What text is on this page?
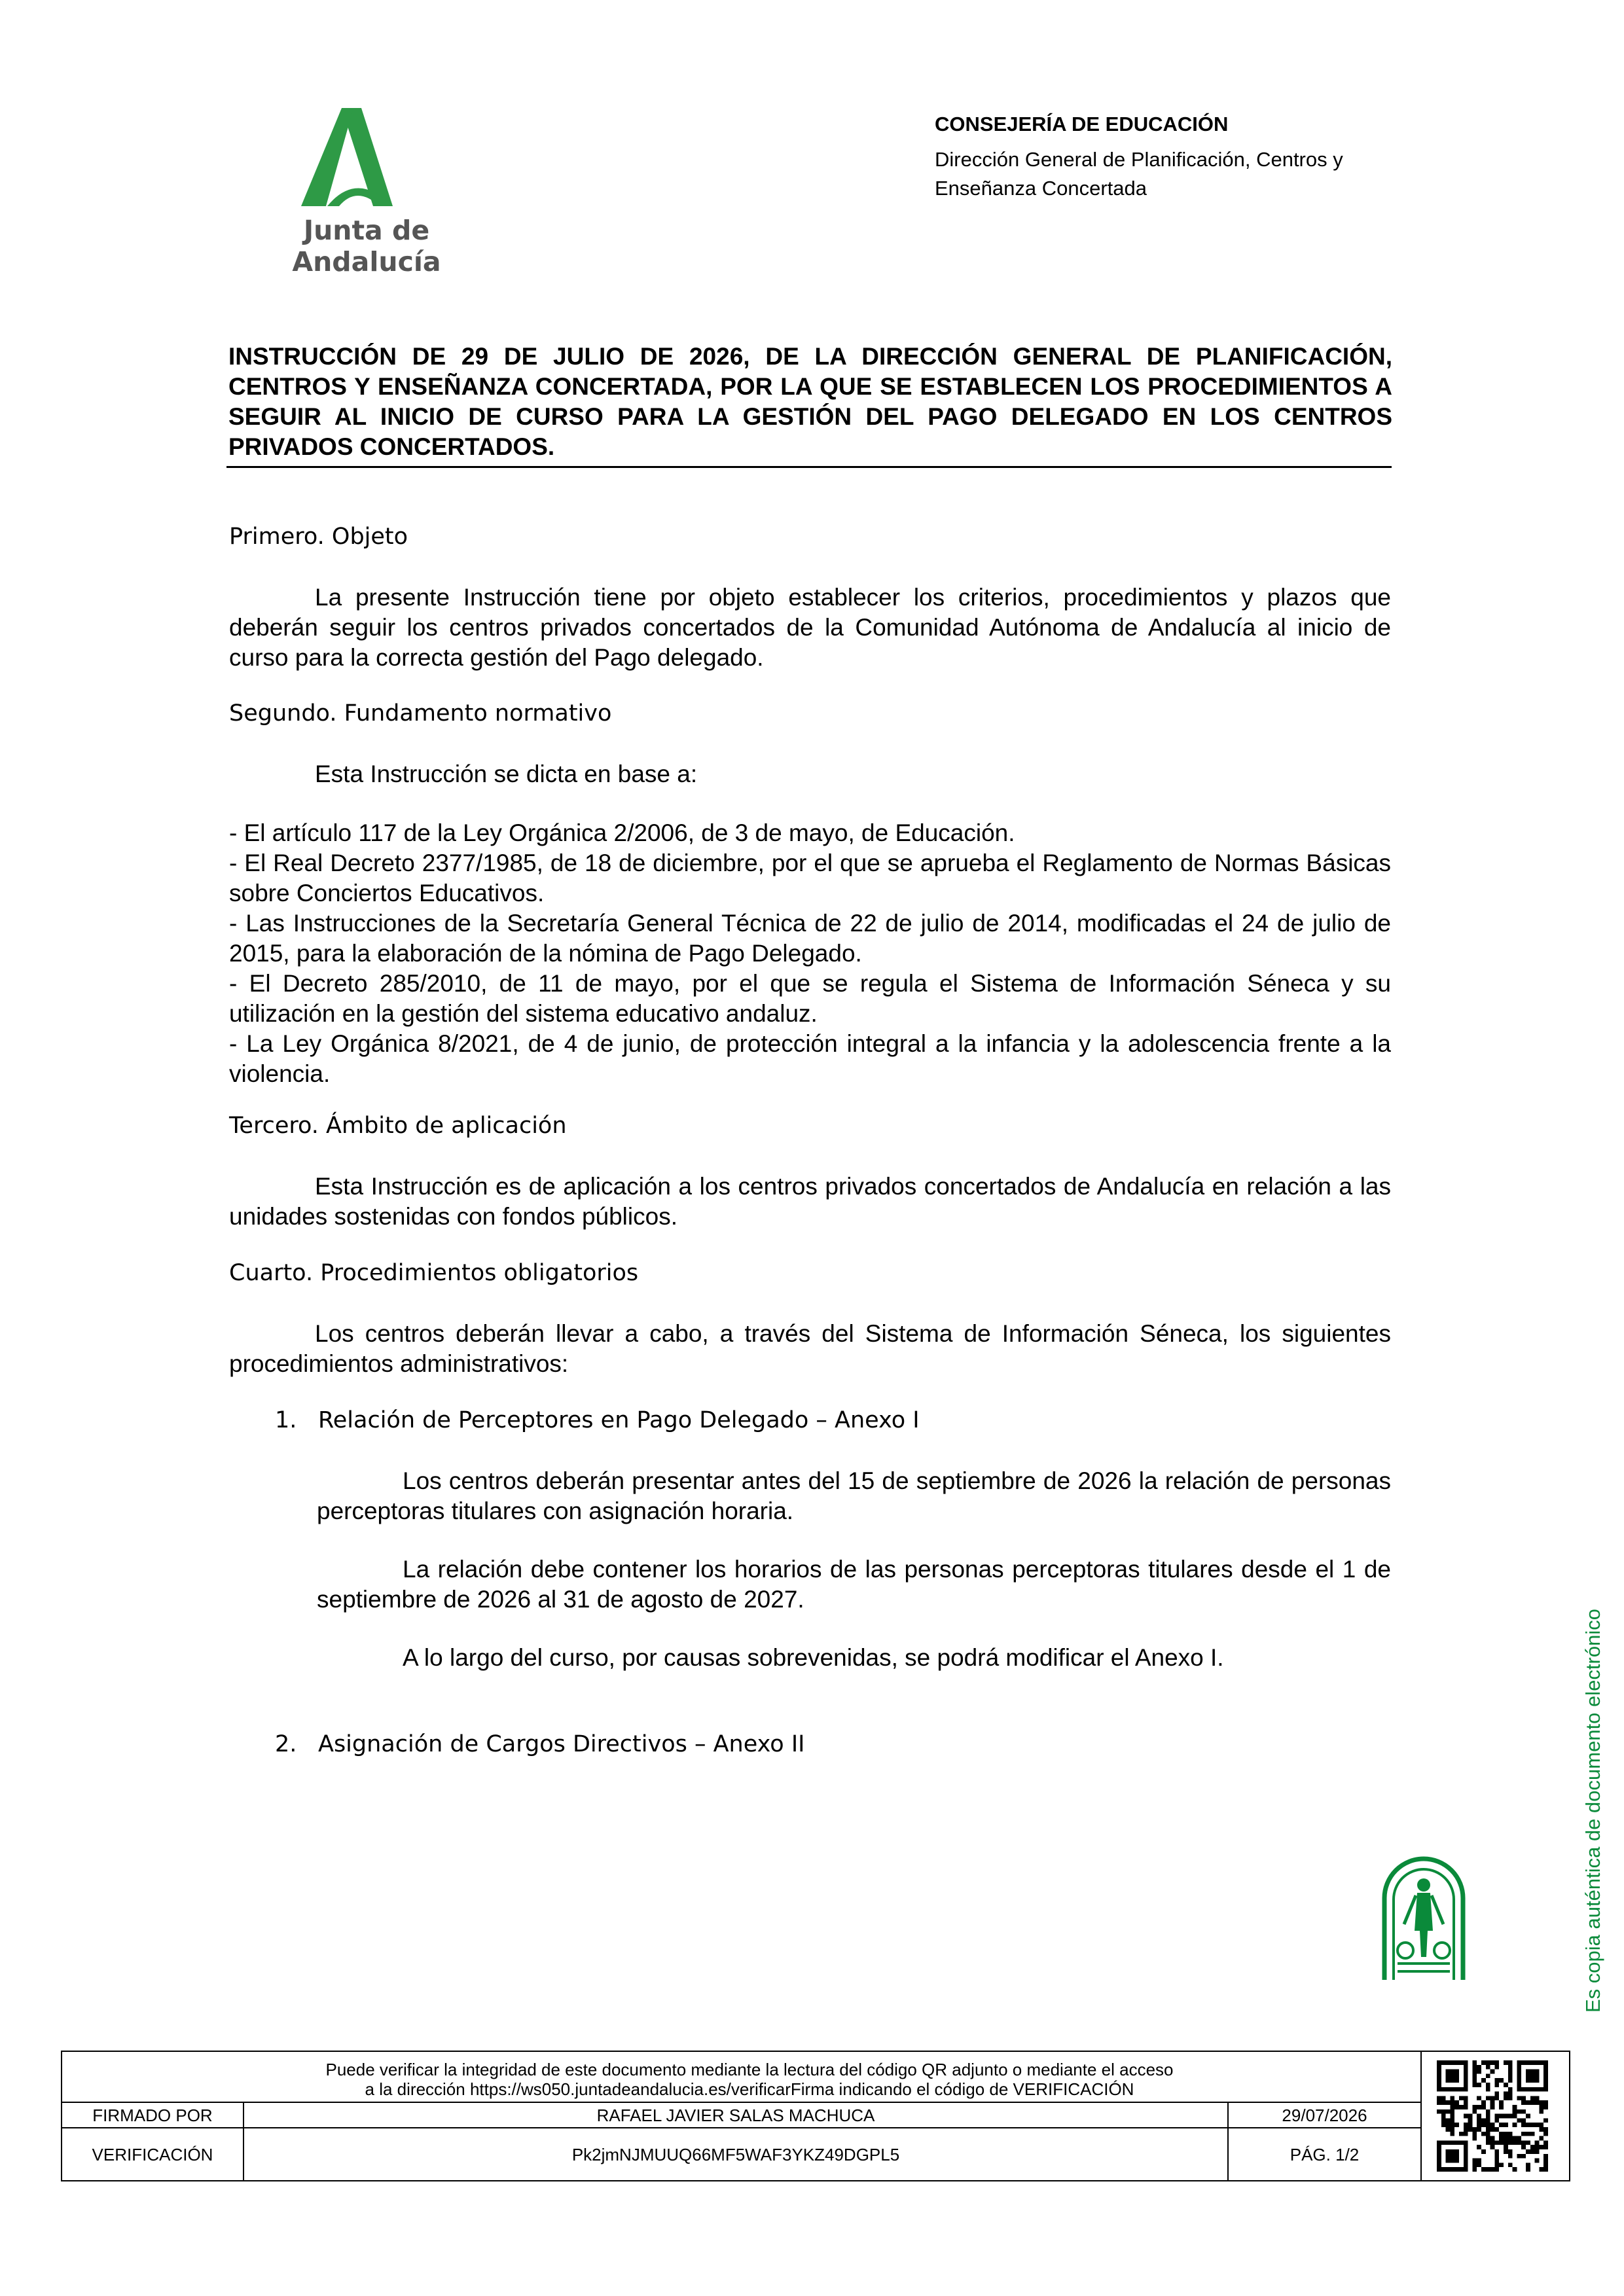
Junta de Andalucía
CONSEJERÍA DE EDUCACIÓN
Dirección General de Planificación, Centros y
Enseñanza Concertada
INSTRUCCIÓN DE 29 DE JULIO DE 2026, DE LA DIRECCIÓN GENERAL DE PLANIFICACIÓN, CENTROS Y ENSEÑANZA CONCERTADA, POR LA QUE SE ESTABLECEN LOS PROCEDIMIENTOS A SEGUIR AL INICIO DE CURSO PARA LA GESTIÓN DEL PAGO DELEGADO EN LOS CENTROS PRIVADOS CONCERTADOS.
Primero. Objeto
La presente Instrucción tiene por objeto establecer los criterios, procedimientos y plazos que deberán seguir los centros privados concertados de la Comunidad Autónoma de Andalucía al inicio de curso para la correcta gestión del Pago delegado.
Segundo. Fundamento normativo
Esta Instrucción se dicta en base a:
- El artículo 117 de la Ley Orgánica 2/2006, de 3 de mayo, de Educación.
- El Real Decreto 2377/1985, de 18 de diciembre, por el que se aprueba el Reglamento de Normas Básicas sobre Conciertos Educativos.
- Las Instrucciones de la Secretaría General Técnica de 22 de julio de 2014, modificadas el 24 de julio de 2015, para la elaboración de la nómina de Pago Delegado.
- El Decreto 285/2010, de 11 de mayo, por el que se regula el Sistema de Información Séneca y su utilización en la gestión del sistema educativo andaluz.
- La Ley Orgánica 8/2021, de 4 de junio, de protección integral a la infancia y la adolescencia frente a la violencia.
Tercero. Ámbito de aplicación
Esta Instrucción es de aplicación a los centros privados concertados de Andalucía en relación a las unidades sostenidas con fondos públicos.
Cuarto. Procedimientos obligatorios
Los centros deberán llevar a cabo, a través del Sistema de Información Séneca, los siguientes procedimientos administrativos:
1. Relación de Perceptores en Pago Delegado – Anexo I
Los centros deberán presentar antes del 15 de septiembre de 2026 la relación de personas perceptoras titulares con asignación horaria.
La relación debe contener los horarios de las personas perceptoras titulares desde el 1 de septiembre de 2026 al 31 de agosto de 2027.
A lo largo del curso, por causas sobrevenidas, se podrá modificar el Anexo I.
2. Asignación de Cargos Directivos – Anexo II	Es copia auténtica de documento electrónico
Puede verificar la integridad de este documento mediante la lectura del código QR adjunto o mediante el acceso
a la dirección https://ws050.juntadeandalucia.es/verificarFirma indicando el código de VERIFICACIÓN
FIRMADO POR	RAFAEL JAVIER SALAS MACHUCA	29/07/2026
VERIFICACIÓN	Pk2jmNJMUUQ66MF5WAF3YKZ49DGPL5	PÁG. 1/2
